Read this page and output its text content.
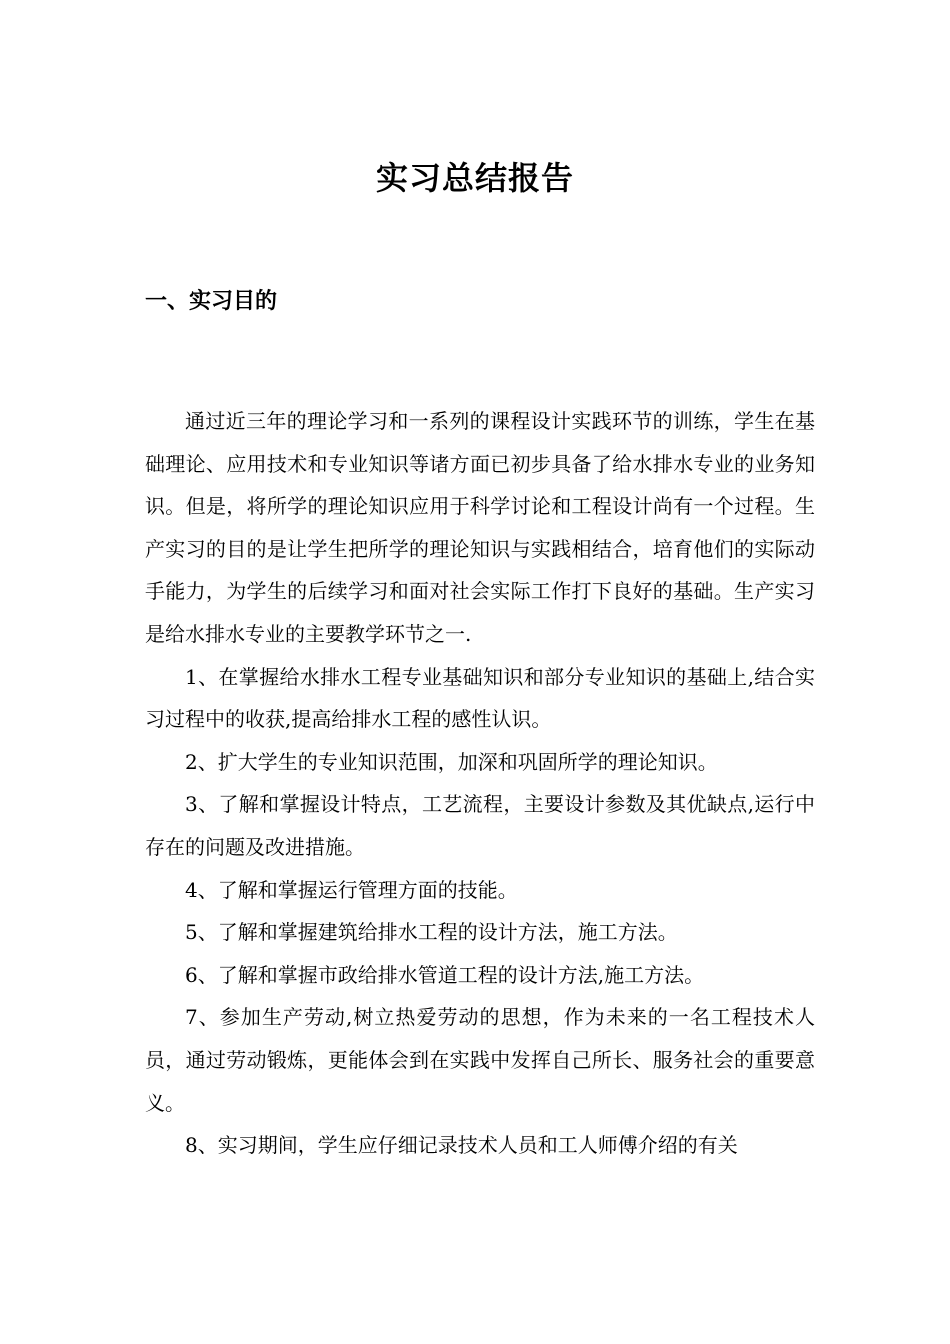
实习总结报告
一、实习目的

通过近三年的理论学习和一系列的课程设计实践环节的训练，学生在基础理论、应用技术和专业知识等诸方面已初步具备了给水排水专业的业务知识。但是，将所学的理论知识应用于科学讨论和工程设计尚有一个过程。生产实习的目的是让学生把所学的理论知识与实践相结合，培育他们的实际动手能力，为学生的后续学习和面对社会实际工作打下良好的基础。生产实习是给水排水专业的主要教学环节之一.

1、在掌握给水排水工程专业基础知识和部分专业知识的基础上,结合实习过程中的收获,提高给排水工程的感性认识。

2、扩大学生的专业知识范围，加深和巩固所学的理论知识。

3、了解和掌握设计特点，工艺流程，主要设计参数及其优缺点,运行中存在的问题及改进措施。

4、了解和掌握运行管理方面的技能。

5、了解和掌握建筑给排水工程的设计方法，施工方法。

6、了解和掌握市政给排水管道工程的设计方法,施工方法。

7、参加生产劳动,树立热爱劳动的思想，作为未来的一名工程技术人员，通过劳动锻炼，更能体会到在实践中发挥自己所长、服务社会的重要意义。

8、实习期间，学生应仔细记录技术人员和工人师傅介绍的有关
